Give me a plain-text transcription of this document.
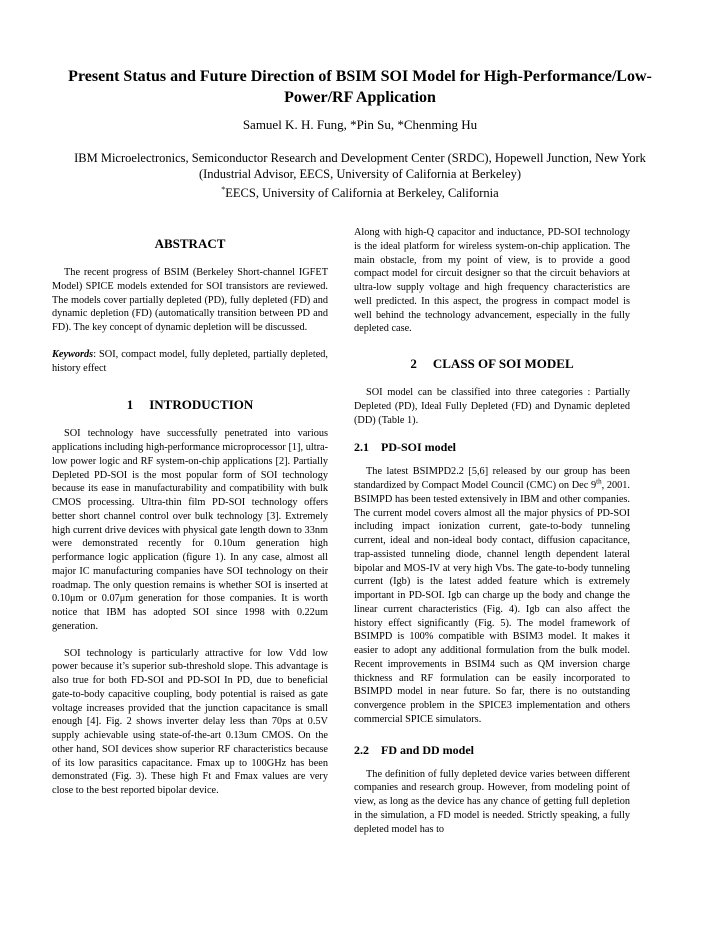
Present Status and Future Direction of BSIM SOI Model for High-Performance/Low-Power/RF Application
Samuel K. H. Fung, *Pin Su, *Chenming Hu
IBM Microelectronics, Semiconductor Research and Development Center (SRDC), Hopewell Junction, New York
(Industrial Advisor, EECS, University of California at Berkeley)
*EECS, University of California at Berkeley, California
ABSTRACT

The recent progress of BSIM (Berkeley Short-channel IGFET Model) SPICE models extended for SOI transistors are reviewed. The models cover partially depleted (PD), fully depleted (FD) and dynamic depletion (FD) (automatically transition between PD and FD). The key concept of dynamic depletion will be discussed.

Keywords: SOI, compact model, fully depleted, partially depleted, history effect

1 INTRODUCTION

SOI technology have successfully penetrated into various applications including high-performance microprocessor [1], ultra-low power logic and RF system-on-chip applications [2]. Partially Depleted PD-SOI is the most popular form of SOI technology because its ease in manufacturability and compatibility with bulk CMOS processing. Ultra-thin film PD-SOI technology offers better short channel control over bulk technology [3]. Extremely high current drive devices with physical gate length down to 33nm were demonstrated recently for 0.10um generation high performance logic application (figure 1). In any case, almost all major IC manufacturing companies have SOI technology on their roadmap. The only question remains is whether SOI is inserted at 0.10μm or 0.07μm generation for those companies. It is worth notice that IBM has adopted SOI since 1998 with 0.22um generation.

SOI technology is particularly attractive for low Vdd low power because it’s superior sub-threshold slope. This advantage is also true for both FD-SOI and PD-SOI In PD, due to beneficial gate-to-body capacitive coupling, body potential is raised as gate voltage increases provided that the junction capacitance is small enough [4]. Fig. 2 shows inverter delay less than 70ps at 0.5V supply achievable using state-of-the-art 0.13um CMOS. On the other hand, SOI devices show superior RF characteristics because of its low parasitics capacitance. Fmax up to 100GHz has been demonstrated (Fig. 3). These high Ft and Fmax values are very close to the best reported bipolar device.

Along with high-Q capacitor and inductance, PD-SOI technology is the ideal platform for wireless system-on-chip application. The main obstacle, from my point of view, is to provide a good compact model for circuit designer so that the circuit behaviors at ultra-low supply voltage and high frequency characteristics are well predicted. In this aspect, the progress in compact model is well behind the technology advancement, especially in the fully depleted case.

2 CLASS OF SOI MODEL

SOI model can be classified into three categories : Partially Depleted (PD), Ideal Fully Depleted (FD) and Dynamic depleted (DD) (Table 1).

2.1 PD-SOI model

The latest BSIMPD2.2 [5,6] released by our group has been standardized by Compact Model Council (CMC) on Dec 9th, 2001. BSIMPD has been tested extensively in IBM and other companies. The current model covers almost all the major physics of PD-SOI including impact ionization current, gate-to-body tunneling current, ideal and non-ideal body contact, diffusion capacitance, trap-assisted tunneling diode, channel length dependent lateral bipolar and MOS-IV at very high Vbs. The gate-to-body tunneling current (Igb) is the latest added feature which is extremely important in PD-SOI. Igb can charge up the body and change the linear current characteristics (Fig. 4). Igb can also affect the history effect significantly (Fig. 5). The model framework of BSIMPD is 100% compatible with BSIM3 model. It makes it easier to adopt any additional formulation from the bulk model. Recent improvements in BSIM4 such as QM inversion charge thickness and RF formulation can be easily incorporated to BSIMPD model in near future. So far, there is no outstanding convergence problem in the SPICE3 implementation and others commercial SPICE simulators.

2.2 FD and DD model

The definition of fully depleted device varies between different companies and research group. However, from modeling point of view, as long as the device has any chance of getting full depletion in the simulation, a FD model is needed. Strictly speaking, a fully depleted model has to
